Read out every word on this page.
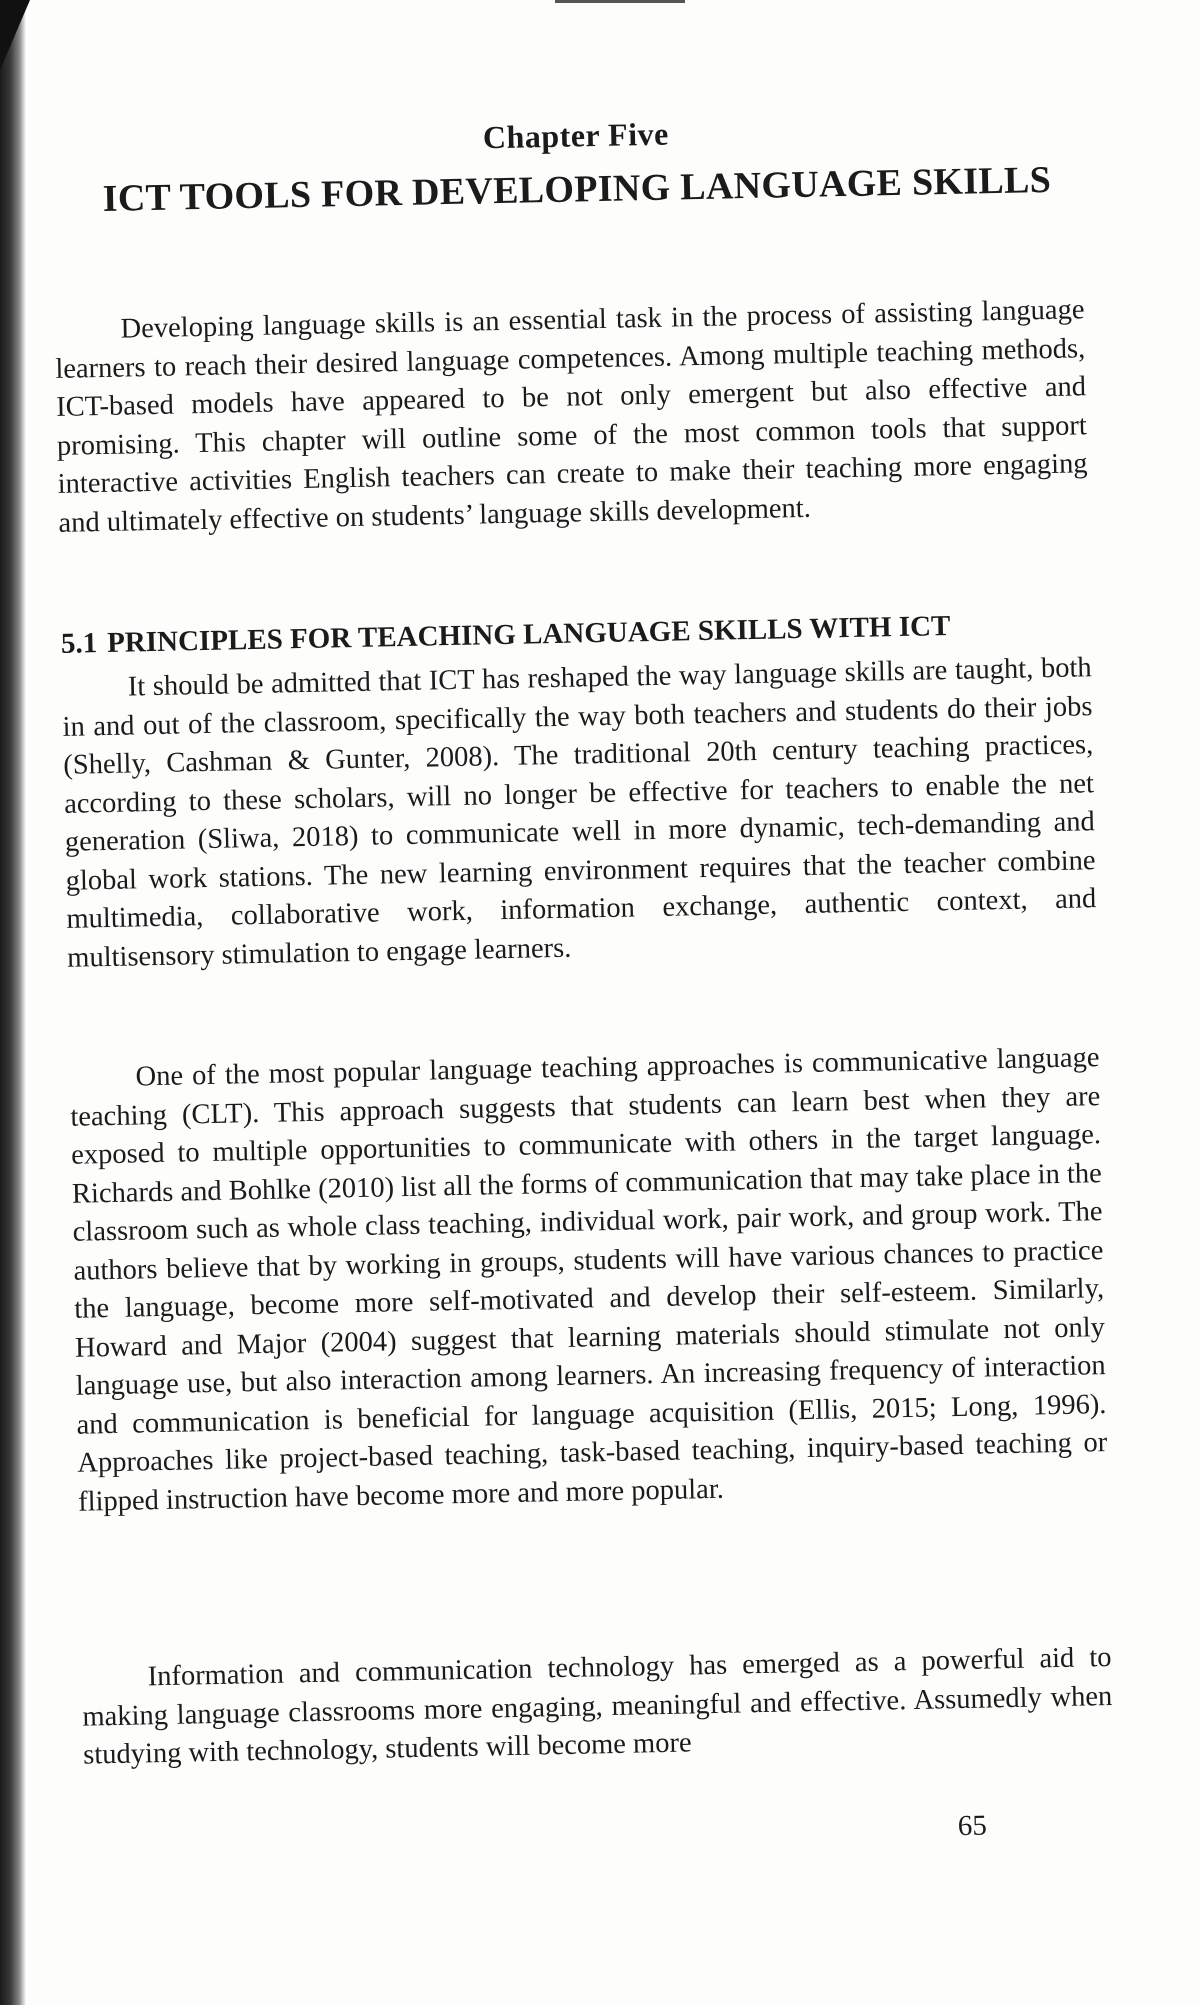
Chapter Five
ICT TOOLS FOR DEVELOPING LANGUAGE SKILLS

Developing language skills is an essential task in the process of assisting language learners to reach their desired language competences. Among multiple teaching methods, ICT-based models have appeared to be not only emergent but also effective and promising. This chapter will outline some of the most common tools that support interactive activities English teachers can create to make their teaching more engaging and ultimately effective on students’ language skills development.

5.1 PRINCIPLES FOR TEACHING LANGUAGE SKILLS WITH ICT

It should be admitted that ICT has reshaped the way language skills are taught, both in and out of the classroom, specifically the way both teachers and students do their jobs (Shelly, Cashman & Gunter, 2008). The traditional 20th century teaching practices, according to these scholars, will no longer be effective for teachers to enable the net generation (Sliwa, 2018) to communicate well in more dynamic, tech-demanding and global work stations. The new learning environment requires that the teacher combine multimedia, collaborative work, information exchange, authentic context, and multisensory stimulation to engage learners.

One of the most popular language teaching approaches is communicative language teaching (CLT). This approach suggests that students can learn best when they are exposed to multiple opportunities to communicate with others in the target language. Richards and Bohlke (2010) list all the forms of communication that may take place in the classroom such as whole class teaching, individual work, pair work, and group work. The authors believe that by working in groups, students will have various chances to practice the language, become more self-motivated and develop their self-esteem. Similarly, Howard and Major (2004) suggest that learning materials should stimulate not only language use, but also interaction among learners. An increasing frequency of interaction and communication is beneficial for language acquisition (Ellis, 2015; Long, 1996). Approaches like project-based teaching, task-based teaching, inquiry-based teaching or flipped instruction have become more and more popular.

Information and communication technology has emerged as a powerful aid to making language classrooms more engaging, meaningful and effective. Assumedly when studying with technology, students will become more

65
